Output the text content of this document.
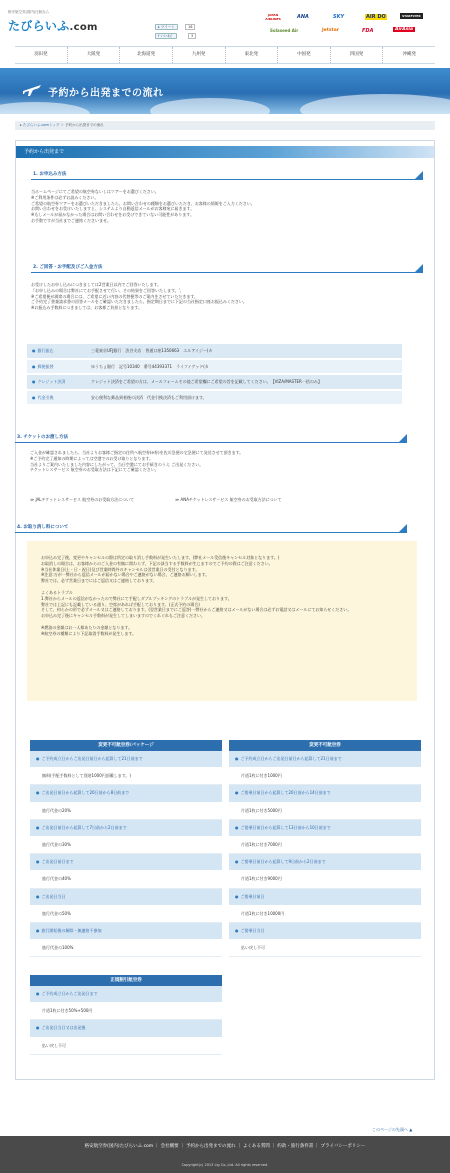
格安航空券(国内)比較なら
たびらいふ.com	▸ ツイート	16
f いいね！	3
JAPAN AIRLINES	ANA	SKY	AIR DO	STARFLYER
Solaseed Air	Jetstar	FDA	AirAsia
羽田発	大阪発	北海道発	九州発	東北発	中国発	四国発	沖縄発
予約から出発までの流れ
▸ たびらいふ.comトップ ＞ 予約から出発までの流れ
予約から出発まで
1. お申込み方法
当ホームページにてご希望の航空券ないしはツアーをお選びください。
※ご利用条件は必ずお読みください。
ご希望の航空券ツアーをお選びいただきましたら、お問い合わせの種類をお選びいただき、お客様の情報をご入力ください。
お問い合わせをお受けいたしますと、システムより自動返信メールがお客様宛に届きます。
※もしメールが届かなかった場合はお問い合わせをお受けできていない可能性があります。
お手数ですが当社までご連絡くださいませ。
2. ご回答・お手配及びご入金方法
お受けしたお申し込みにつきましては2営業日以内でご回答いたします。
『お申し込みの場合は弊社にてお手配させて行い、その結果をご回答いたします。',
※ご希望便が満席の場合には、ご希望に近い内容の代替便等のご案内をさせていただきます。
ご予約完了書兼請求書の回答メールをご確認いただきましたら、指定期日までに下記の当社指定口座お振込みください。
※お振込み手数料につきましては、お客様ご負担となります。
● 銀行振込	三菱東京UFJ銀行　渋谷支店　普通口座1350663　エルアイジー(カ
● 郵便振替	ゆうちょ銀行　記号10340　番号44393371　ライフイグッド(カ
● クレジット決済	クレジット決済をご希望の方は、メールフォームその他ご希望欄にご希望の旨を記載してください。【VIZA/MASTER一括のみ】
● 代金引換	安心便利な郵品到着後の決済　代金引換決済もご利用頂けます。
3. チケットのお渡し方法
ご入金が確認されましたら、当社よりお客様ご指定の住所へ航空券(e券)を佐川急便の宅急便にて発送させて頂きます。
※ご予約完了通知の時期によっては空港でのお受け取りとなります。
当社よりご案内いたしました内容にしたがって、当日空港にてお手続きのうえ ご出発ください。
チケットレスサービス 航空券のお受取方法は下記にてご確認ください。
≫ JALチケットレスサービス 航空券のお受取方法について	≫ ANAチケットレスサービス 航空券のお受取方法について
4. お取り消し料について
お申込み完了後、変更やキャンセルの際は所定の取り消し手数料が発生いたします。(弊社メール受信後キャンセル対象となります。)
お取消しの場合は、お客様からのご入金の有無に関わらず、下記の該当する手数料が生じますのでご予約の際はご注意ください。
※当社休業日(土・日・祝日)及び営業時間外のキャンセルは翌営業日の受付となります。
※注意:万が一弊社から返信メールが届かない場合やご連絡がない場合、ご連絡お願いします。
弊社では、必ず営業日までにはご返信又はご連絡しております。
よくあるトラブル
1.弊社からメールの返信がなかったので弊社にて手配しダブルブッキングのトラブルが発生しております。
弊社では上記にも記載している通り、空席があれば手配しております。(正式予約の場合)
そして、何らかの形で必ずメール又はご連絡しております。(翌営業日までにご返答)一弊社からご連絡又はメールがない場合は必ずお電話又はメールにてお知らせください。
お申込み完了後にキャンセル手数料が発生してしまいますのでくれぐれもご注意ください。
※燃油の金額はお一人様あたりの金額となります。
※航空券の種類により下記取消手数料が発生します。
変更不可航空券/パッケージ
● ご予約成立日からご出発日前日から起算して21日前まで
無料(手配手数料として別途1000円頂戴します。)
● ご出発日前日から起算して20日前から8日前まで
旅行代金の20%
● ご出発日前日から起算して7日前から2日前まで
旅行代金の30%
● ご出発日前日まで
旅行代金の40%
● ご出発日当日
旅行代金の50%
● 旅行開始後の解除・無連絡不参加
旅行代金の100%
変更不可航空券
● ご予約成立日からご出発日前日から起算して21日前まで
片道1枚に付き1000円
● ご搭乗日前日から起算して20日前から14日前まで
片道1枚に付き5000円
● ご搭乗日前日から起算して13日前から10日前まで
片道1枚に付き7000円
● ご搭乗日前日から起算して9日前から2日前まで
片道1枚に付き9000円
● ご搭乗日前日
片道1枚に付き10000円
● ご搭乗日当日
払い戻し不可
正規割引航空券
● ご予約成立日からご出発日まで
片道1枚に付き50%+500円
● ご出発日当日又は出発後
払い戻し不可
このページの先頭へ ▲
格安航空券(国内)たびらいふ.com ｜ 会社概要 ｜ 予約から出発までの流れ ｜ よくある質問 ｜ 約款・旅行条件書 ｜ プライバシーポリシー
Copyright(c) 2013 Lig Co.,Ltd. All rights reserved.
